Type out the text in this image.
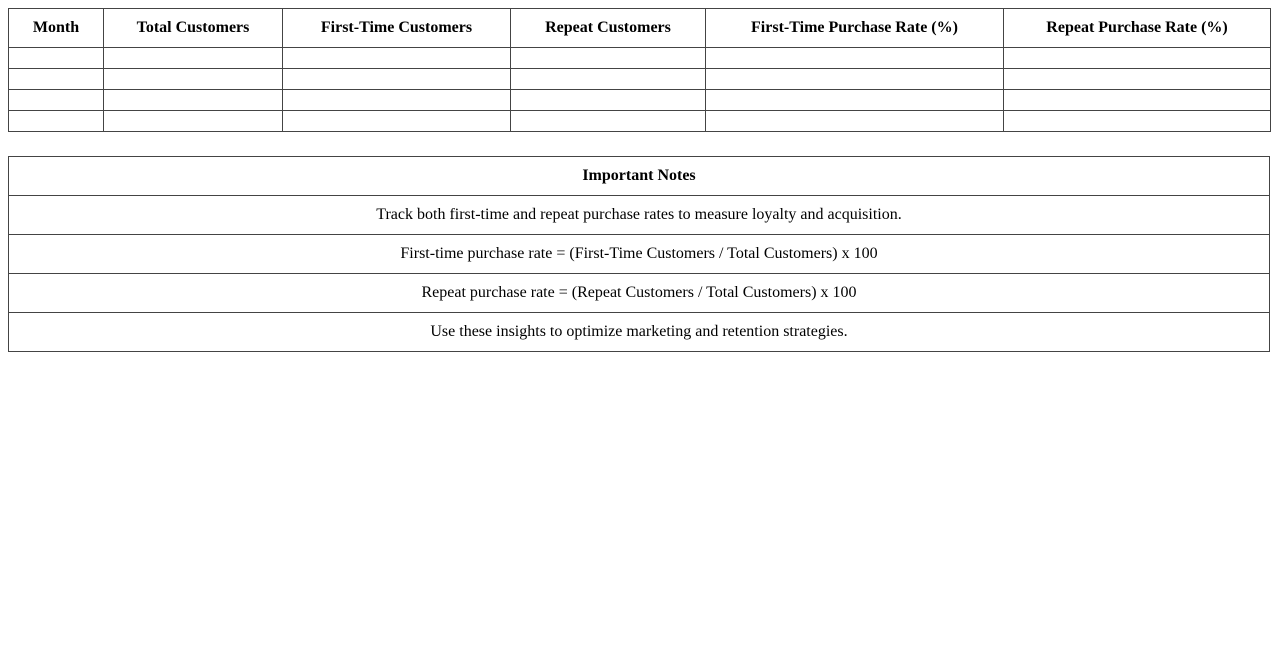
Month	Total Customers	First-Time Customers	Repeat Customers	First-Time Purchase Rate (%)	Repeat Purchase Rate (%)

Important Notes
Track both first-time and repeat purchase rates to measure loyalty and acquisition.
First-time purchase rate = (First-Time Customers / Total Customers) x 100
Repeat purchase rate = (Repeat Customers / Total Customers) x 100
Use these insights to optimize marketing and retention strategies.
